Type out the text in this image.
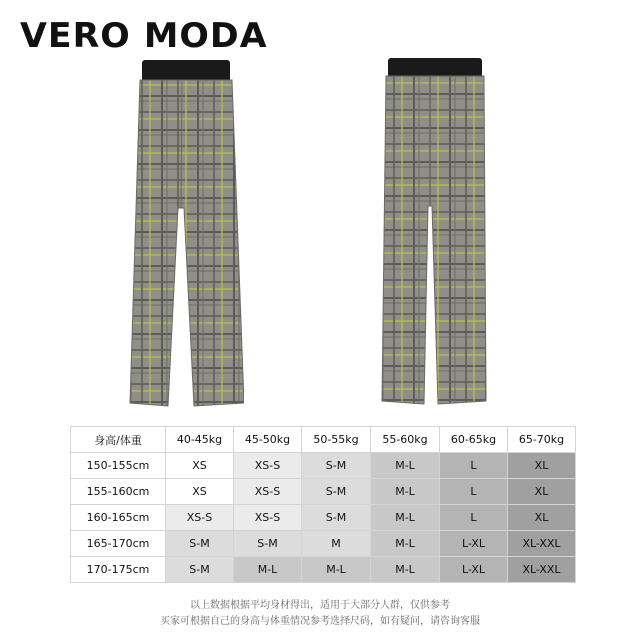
VERO MODA
身高/体重	40-45kg	45-50kg	50-55kg	55-60kg	60-65kg	65-70kg
150-155cm	XS	XS-S	S-M	M-L	L	XL
155-160cm	XS	XS-S	S-M	M-L	L	XL
160-165cm	XS-S	XS-S	S-M	M-L	L	XL
165-170cm	S-M	S-M	M	M-L	L-XL	XL-XXL
170-175cm	S-M	M-L	M-L	M-L	L-XL	XL-XXL
以上数据根据平均身材得出，适用于大部分人群，仅供参考
买家可根据自己的身高与体重情况参考选择尺码，如有疑问，请咨询客服
